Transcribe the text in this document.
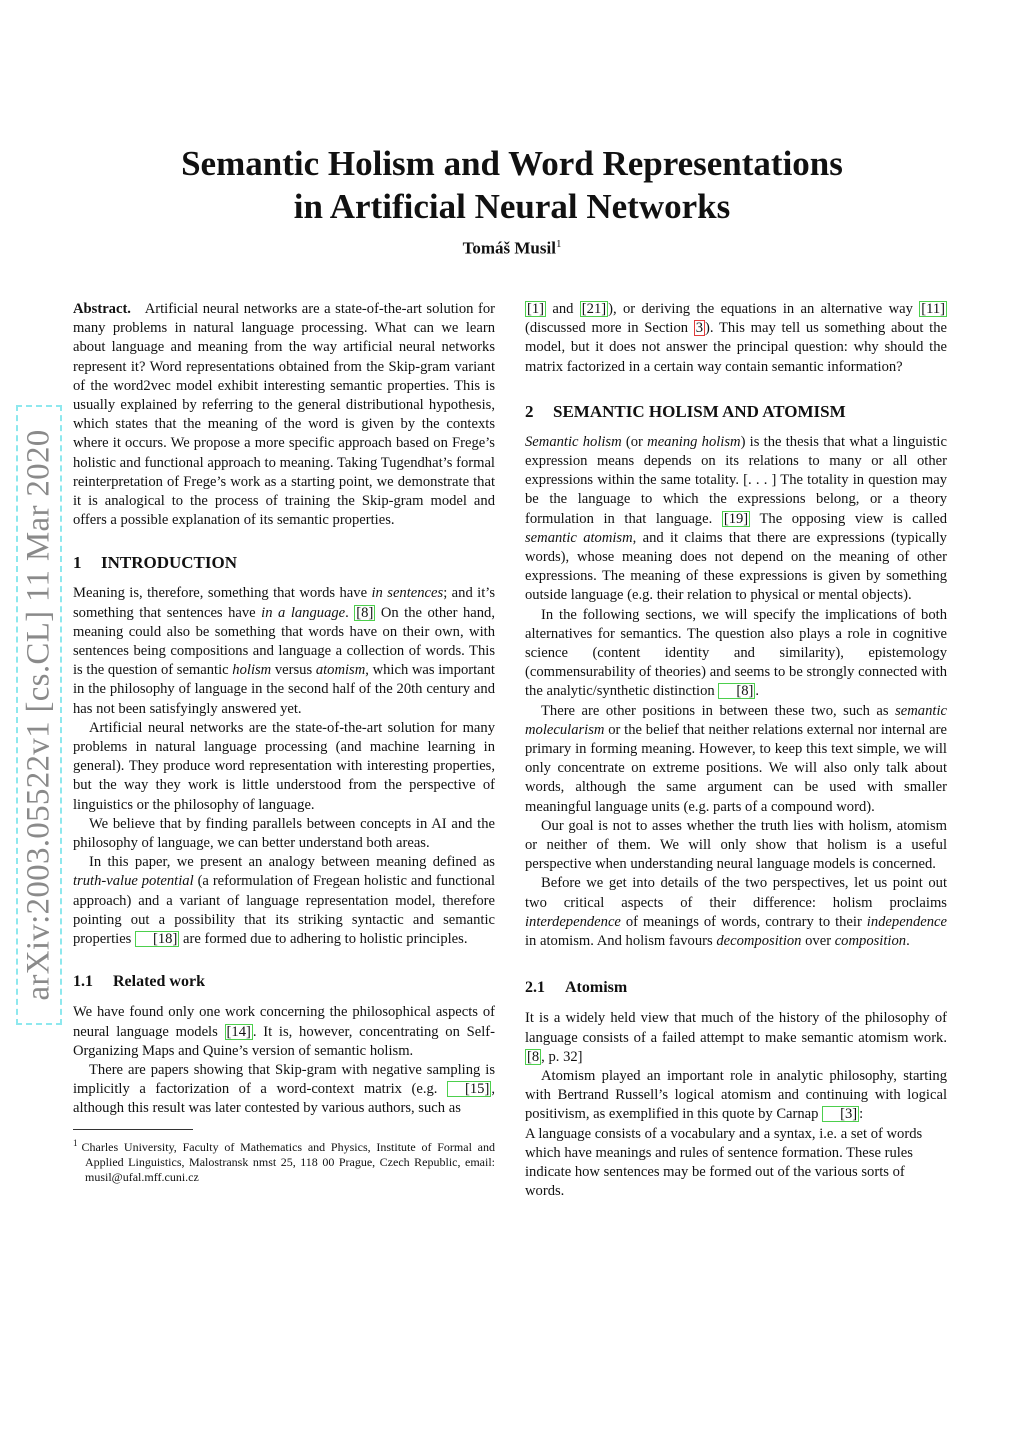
Semantic Holism and Word Representations
in Artificial Neural Networks
Tomáš Musil$^1$
arXiv:2003.05522v1 [cs.CL] 11 Mar 2020

Abstract. Artificial neural networks are a state-of-the-art solution for many problems in natural language processing. What can we learn about language and meaning from the way artificial neural networks represent it? Word representations obtained from the Skip-gram variant of the word2vec model exhibit interesting semantic properties. This is usually explained by referring to the general distributional hypothesis, which states that the meaning of the word is given by the contexts where it occurs. We propose a more specific approach based on Frege’s holistic and functional approach to meaning. Taking Tugendhat’s formal reinterpretation of Frege’s work as a starting point, we demonstrate that it is analogical to the process of training the Skip-gram model and offers a possible explanation of its semantic properties.

1 INTRODUCTION

Meaning is, therefore, something that words have in sentences; and it’s something that sentences have in a language. [8] On the other hand, meaning could also be something that words have on their own, with sentences being compositions and language a collection of words. This is the question of semantic holism versus atomism, which was important in the philosophy of language in the second half of the 20th century and has not been satisfyingly answered yet.

Artificial neural networks are the state-of-the-art solution for many problems in natural language processing (and machine learning in general). They produce word representation with interesting properties, but the way they work is little understood from the perspective of linguistics or the philosophy of language.

We believe that by finding parallels between concepts in AI and the philosophy of language, we can better understand both areas.

In this paper, we present an analogy between meaning defined as truth-value potential (a reformulation of Fregean holistic and functional approach) and a variant of language representation model, therefore pointing out a possibility that its striking syntactic and semantic properties [18] are formed due to adhering to holistic principles.

1.1 Related work

We have found only one work concerning the philosophical aspects of neural language models [14] . It is, however, concentrating on Self-Organizing Maps and Quine’s version of semantic holism.

There are papers showing that Skip-gram with negative sampling is implicitly a factorization of a word-context matrix (e.g. [15] , although this result was later contested by various authors, such as

$^1$ Charles University, Faculty of Mathematics and Physics, Institute of Formal and Applied Linguistics, Malostransk nmst 25, 118 00 Prague, Czech Republic, email: musil@ufal.mff.cuni.cz

[1] and [21] ), or deriving the equations in an alternative way [11] (discussed more in Section 3 ). This may tell us something about the model, but it does not answer the principal question: why should the matrix factorized in a certain way contain semantic information?

2 SEMANTIC HOLISM AND ATOMISM

Semantic holism (or meaning holism) is the thesis that what a linguistic expression means depends on its relations to many or all other expressions within the same totality. [. . . ] The totality in question may be the language to which the expressions belong, or a theory formulation in that language. [19] The opposing view is called semantic atomism, and it claims that there are expressions (typically words), whose meaning does not depend on the meaning of other expressions. The meaning of these expressions is given by something outside language (e.g. their relation to physical or mental objects).

In the following sections, we will specify the implications of both alternatives for semantics. The question also plays a role in cognitive science (content identity and similarity), epistemology (commensurability of theories) and seems to be strongly connected with the analytic/synthetic distinction [8] .

There are other positions in between these two, such as semantic molecularism or the belief that neither relations external nor internal are primary in forming meaning. However, to keep this text simple, we will only concentrate on extreme positions. We will also only talk about words, although the same argument can be used with smaller meaningful language units (e.g. parts of a compound word).

Our goal is not to asses whether the truth lies with holism, atomism or neither of them. We will only show that holism is a useful perspective when understanding neural language models is concerned.

Before we get into details of the two perspectives, let us point out two critical aspects of their difference: holism proclaims interdependence of meanings of words, contrary to their independence in atomism. And holism favours decomposition over composition.

2.1 Atomism

It is a widely held view that much of the history of the philosophy of language consists of a failed attempt to make semantic atomism work. [8 , p. 32]

Atomism played an important role in analytic philosophy, starting with Bertrand Russell’s logical atomism and continuing with logical positivism, as exemplified in this quote by Carnap [3] :

A language consists of a vocabulary and a syntax, i.e. a set of words which have meanings and rules of sentence formation. These rules indicate how sentences may be formed out of the various sorts of words.
